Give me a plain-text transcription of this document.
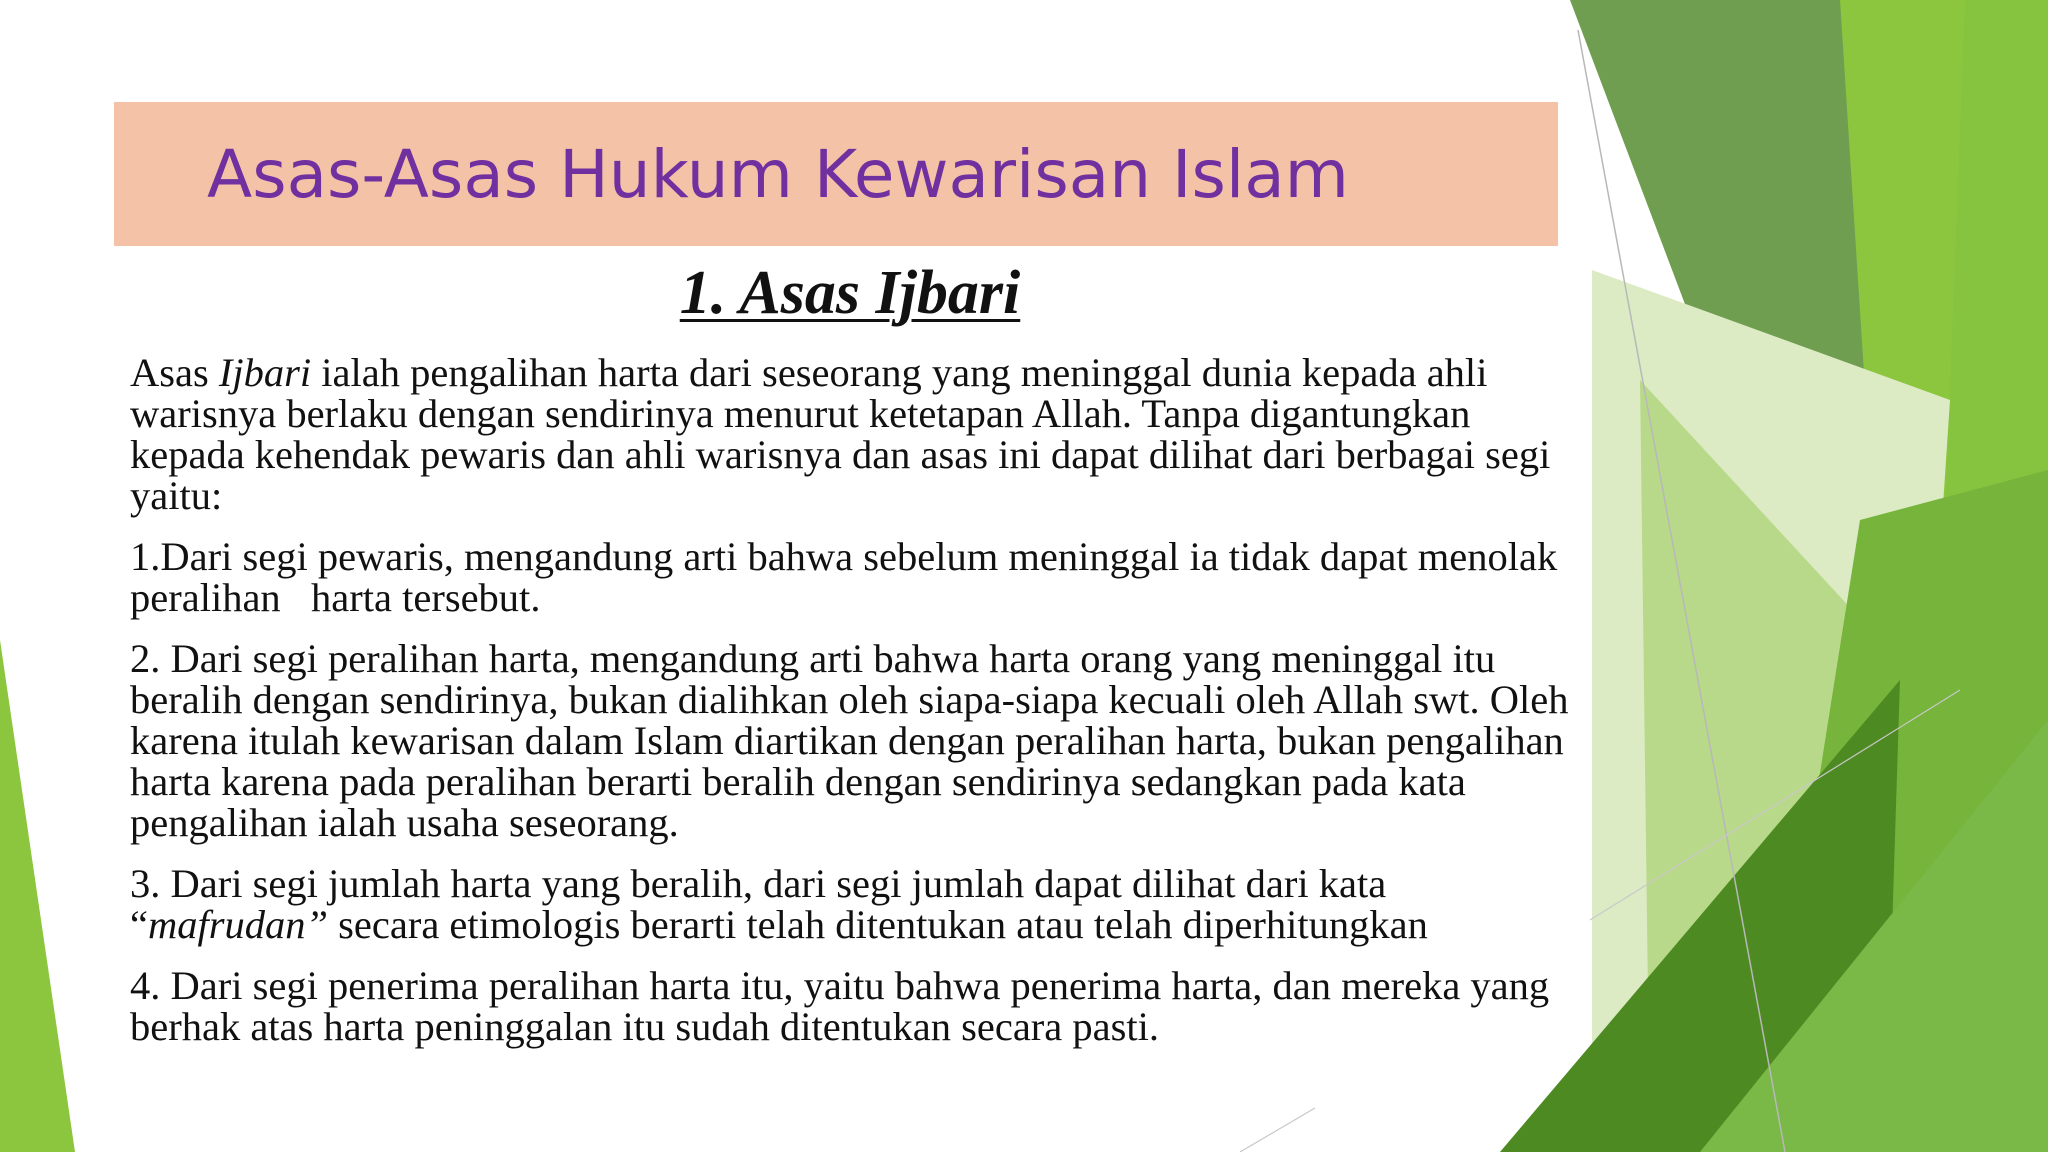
Asas-Asas Hukum Kewarisan Islam
1. Asas Ijbari

Asas Ijbari ialah pengalihan harta dari seseorang yang meninggal dunia kepada ahli warisnya berlaku dengan sendirinya menurut ketetapan Allah. Tanpa digantungkan kepada kehendak pewaris dan ahli warisnya dan asas ini dapat dilihat dari berbagai segi yaitu:

1.Dari segi pewaris, mengandung arti bahwa sebelum meninggal ia tidak dapat menolak peralihan   harta tersebut.

2. Dari segi peralihan harta, mengandung arti bahwa harta orang yang meninggal itu beralih dengan sendirinya, bukan dialihkan oleh siapa-siapa kecuali oleh Allah swt. Oleh karena itulah kewarisan dalam Islam diartikan dengan peralihan harta, bukan pengalihan harta karena pada peralihan berarti beralih dengan sendirinya sedangkan pada kata pengalihan ialah usaha seseorang.

3. Dari segi jumlah harta yang beralih, dari segi jumlah dapat dilihat dari kata “mafrudan” secara etimologis berarti telah ditentukan atau telah diperhitungkan

4. Dari segi penerima peralihan harta itu, yaitu bahwa penerima harta, dan mereka yang berhak atas harta peninggalan itu sudah ditentukan secara pasti.
